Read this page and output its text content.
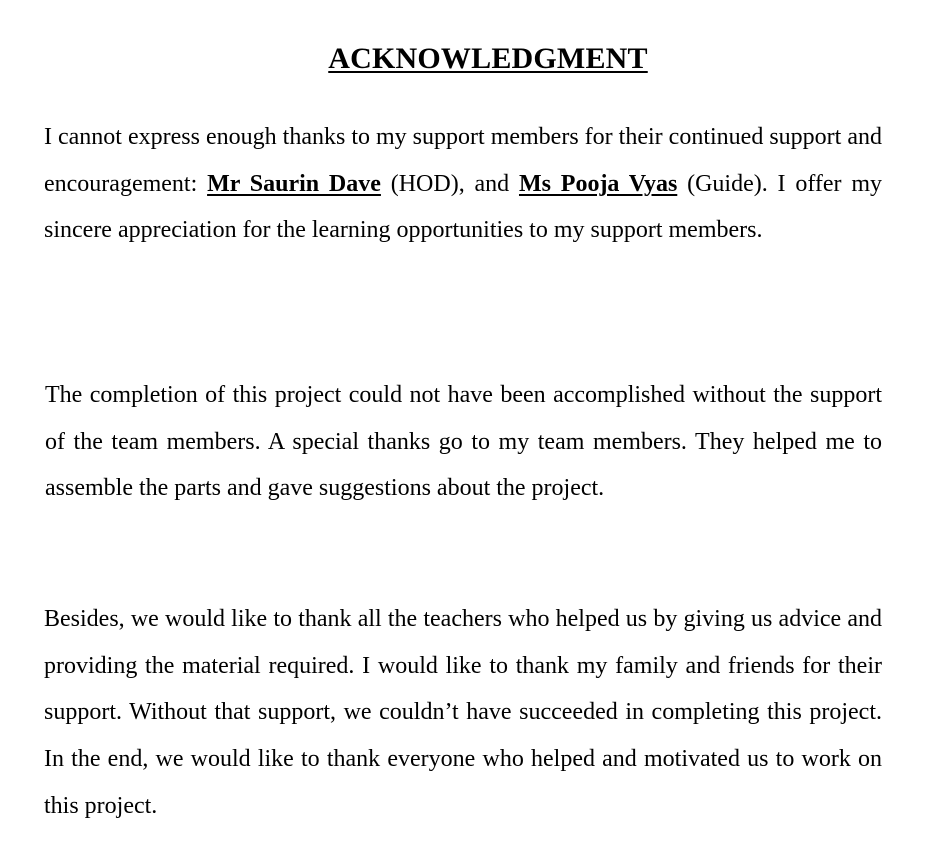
ACKNOWLEDGMENT

I cannot express enough thanks to my support members for their continued support and encouragement: Mr Saurin Dave (HOD), and Ms Pooja Vyas (Guide). I offer my sincere appreciation for the learning opportunities to my support members.

The completion of this project could not have been accomplished without the support of the team members. A special thanks go to my team members. They helped me to assemble the parts and gave suggestions about the project.

Besides, we would like to thank all the teachers who helped us by giving us advice and providing the material required. I would like to thank my family and friends for their support. Without that support, we couldn’t have succeeded in completing this project. In the end, we would like to thank everyone who helped and motivated us to work on this project.
